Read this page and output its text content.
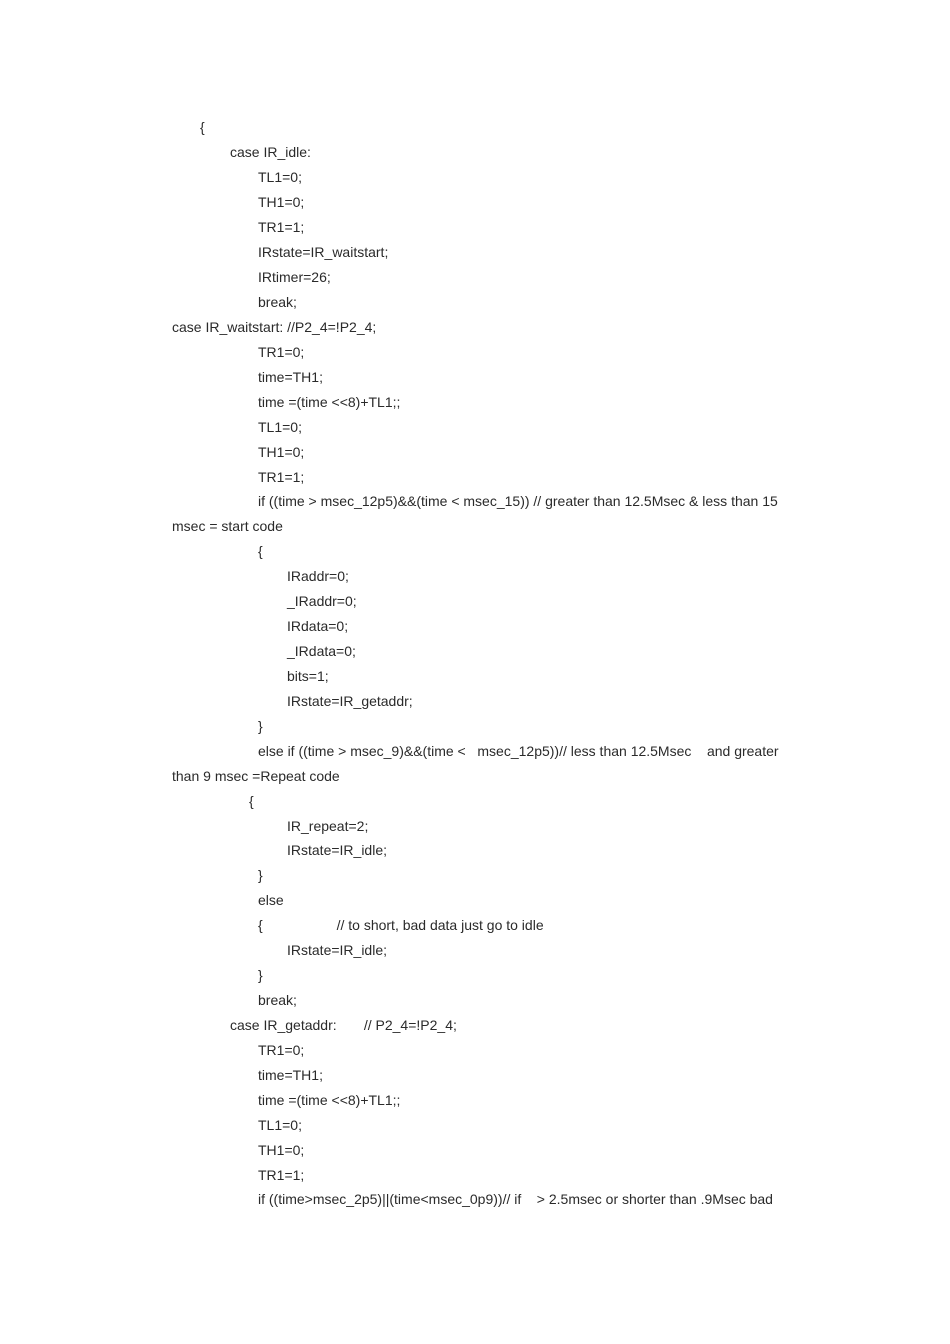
{
case IR_idle:
TL1=0;
TH1=0;
TR1=1;
IRstate=IR_waitstart;
IRtimer=26;
break;
case IR_waitstart: //P2_4=!P2_4;
TR1=0;
time=TH1;
time =(time <<8)+TL1;;
TL1=0;
TH1=0;
TR1=1;
if ((time > msec_12p5)&&(time < msec_15)) // greater than 12.5Msec & less than 15
msec = start code
{
IRaddr=0;
_IRaddr=0;
IRdata=0;
_IRdata=0;
bits=1;
IRstate=IR_getaddr;
}
else if ((time > msec_9)&&(time <   msec_12p5))// less than 12.5Msec    and greater
than 9 msec =Repeat code
{
IR_repeat=2;
IRstate=IR_idle;
}
else
{                   // to short, bad data just go to idle
IRstate=IR_idle;
}
break;
case IR_getaddr:       // P2_4=!P2_4;
TR1=0;
time=TH1;
time =(time <<8)+TL1;;
TL1=0;
TH1=0;
TR1=1;
if ((time>msec_2p5)||(time<msec_0p9))// if    > 2.5msec or shorter than .9Msec bad
